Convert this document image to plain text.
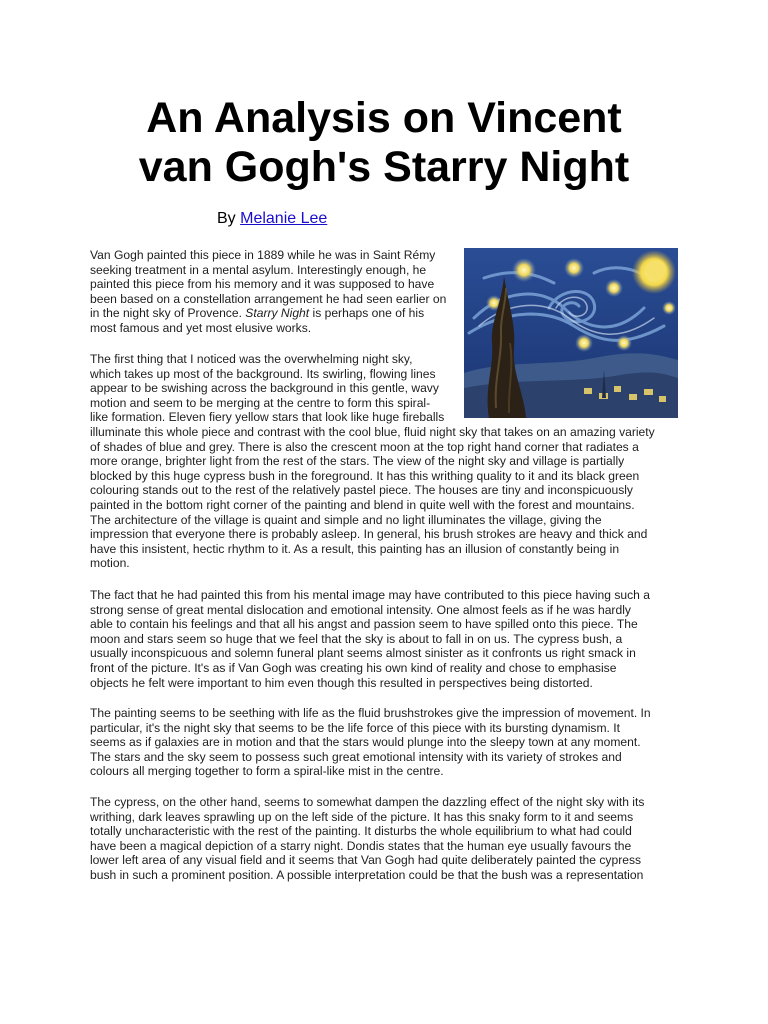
An Analysis on Vincent
van Gogh's Starry Night
By Melanie Lee
Van Gogh painted this piece in 1889 while he was in Saint Rémy
seeking treatment in a mental asylum. Interestingly enough, he
painted this piece from his memory and it was supposed to have
been based on a constellation arrangement he had seen earlier on
in the night sky of Provence. Starry Night is perhaps one of his
most famous and yet most elusive works.
The first thing that I noticed was the overwhelming night sky,
which takes up most of the background. Its swirling, flowing lines
appear to be swishing across the background in this gentle, wavy
motion and seem to be merging at the centre to form this spiral-
like formation. Eleven fiery yellow stars that look like huge fireballs
illuminate this whole piece and contrast with the cool blue, fluid night sky that takes on an amazing variety
of shades of blue and grey. There is also the crescent moon at the top right hand corner that radiates a
more orange, brighter light from the rest of the stars. The view of the night sky and village is partially
blocked by this huge cypress bush in the foreground. It has this writhing quality to it and its black green
colouring stands out to the rest of the relatively pastel piece. The houses are tiny and inconspicuously
painted in the bottom right corner of the painting and blend in quite well with the forest and mountains.
The architecture of the village is quaint and simple and no light illuminates the village, giving the
impression that everyone there is probably asleep. In general, his brush strokes are heavy and thick and
have this insistent, hectic rhythm to it. As a result, this painting has an illusion of constantly being in
motion.
The fact that he had painted this from his mental image may have contributed to this piece having such a
strong sense of great mental dislocation and emotional intensity. One almost feels as if he was hardly
able to contain his feelings and that all his angst and passion seem to have spilled onto this piece. The
moon and stars seem so huge that we feel that the sky is about to fall in on us. The cypress bush, a
usually inconspicuous and solemn funeral plant seems almost sinister as it confronts us right smack in
front of the picture. It's as if Van Gogh was creating his own kind of reality and chose to emphasise
objects he felt were important to him even though this resulted in perspectives being distorted.
The painting seems to be seething with life as the fluid brushstrokes give the impression of movement. In
particular, it's the night sky that seems to be the life force of this piece with its bursting dynamism. It
seems as if galaxies are in motion and that the stars would plunge into the sleepy town at any moment.
The stars and the sky seem to possess such great emotional intensity with its variety of strokes and
colours all merging together to form a spiral-like mist in the centre.
The cypress, on the other hand, seems to somewhat dampen the dazzling effect of the night sky with its
writhing, dark leaves sprawling up on the left side of the picture. It has this snaky form to it and seems
totally uncharacteristic with the rest of the painting. It disturbs the whole equilibrium to what had could
have been a magical depiction of a starry night. Dondis states that the human eye usually favours the
lower left area of any visual field and it seems that Van Gogh had quite deliberately painted the cypress
bush in such a prominent position. A possible interpretation could be that the bush was a representation
